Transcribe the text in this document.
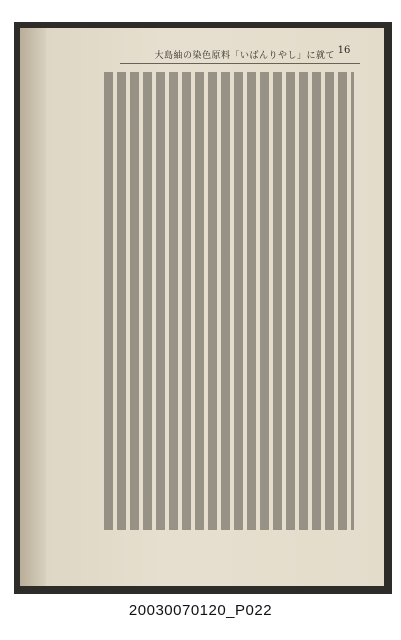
大島紬の染色原料「いばんりやし」に就て 16
20030070120_P022
